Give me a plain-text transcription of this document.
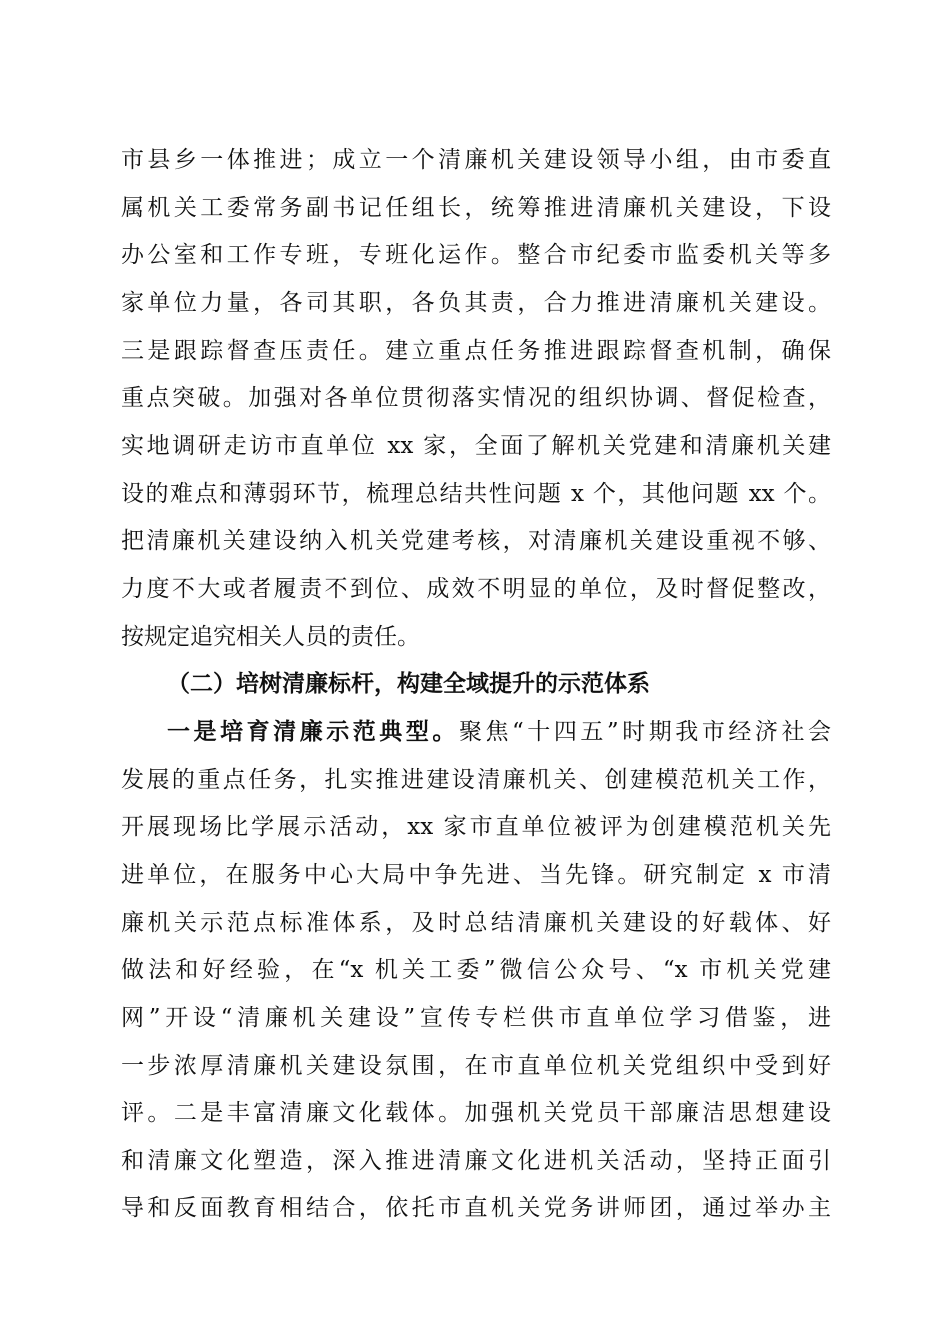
市县乡一体推进；成立一个清廉机关建设领导小组，由市委直
属机关工委常务副书记任组长，统筹推进清廉机关建设，下设
办公室和工作专班，专班化运作。整合市纪委市监委机关等多
家单位力量，各司其职，各负其责，合力推进清廉机关建设。
三是跟踪督查压责任。建立重点任务推进跟踪督查机制，确保
重点突破。加强对各单位贯彻落实情况的组织协调、督促检查，
实地调研走访市直单位 xx 家，全面了解机关党建和清廉机关建
设的难点和薄弱环节，梳理总结共性问题 x 个，其他问题 xx 个。
把清廉机关建设纳入机关党建考核，对清廉机关建设重视不够、
力度不大或者履责不到位、成效不明显的单位，及时督促整改，
按规定追究相关人员的责任。
（二）培树清廉标杆，构建全域提升的示范体系
一是培育清廉示范典型。聚焦“十四五”时期我市经济社会
发展的重点任务，扎实推进建设清廉机关、创建模范机关工作，
开展现场比学展示活动，xx 家市直单位被评为创建模范机关先
进单位，在服务中心大局中争先进、当先锋。研究制定 x 市清
廉机关示范点标准体系，及时总结清廉机关建设的好载体、好
做法和好经验，在“x 机关工委”微信公众号、“x 市机关党建
网”开设“清廉机关建设”宣传专栏供市直单位学习借鉴，进
一步浓厚清廉机关建设氛围，在市直单位机关党组织中受到好
评。二是丰富清廉文化载体。加强机关党员干部廉洁思想建设
和清廉文化塑造，深入推进清廉文化进机关活动，坚持正面引
导和反面教育相结合，依托市直机关党务讲师团，通过举办主
